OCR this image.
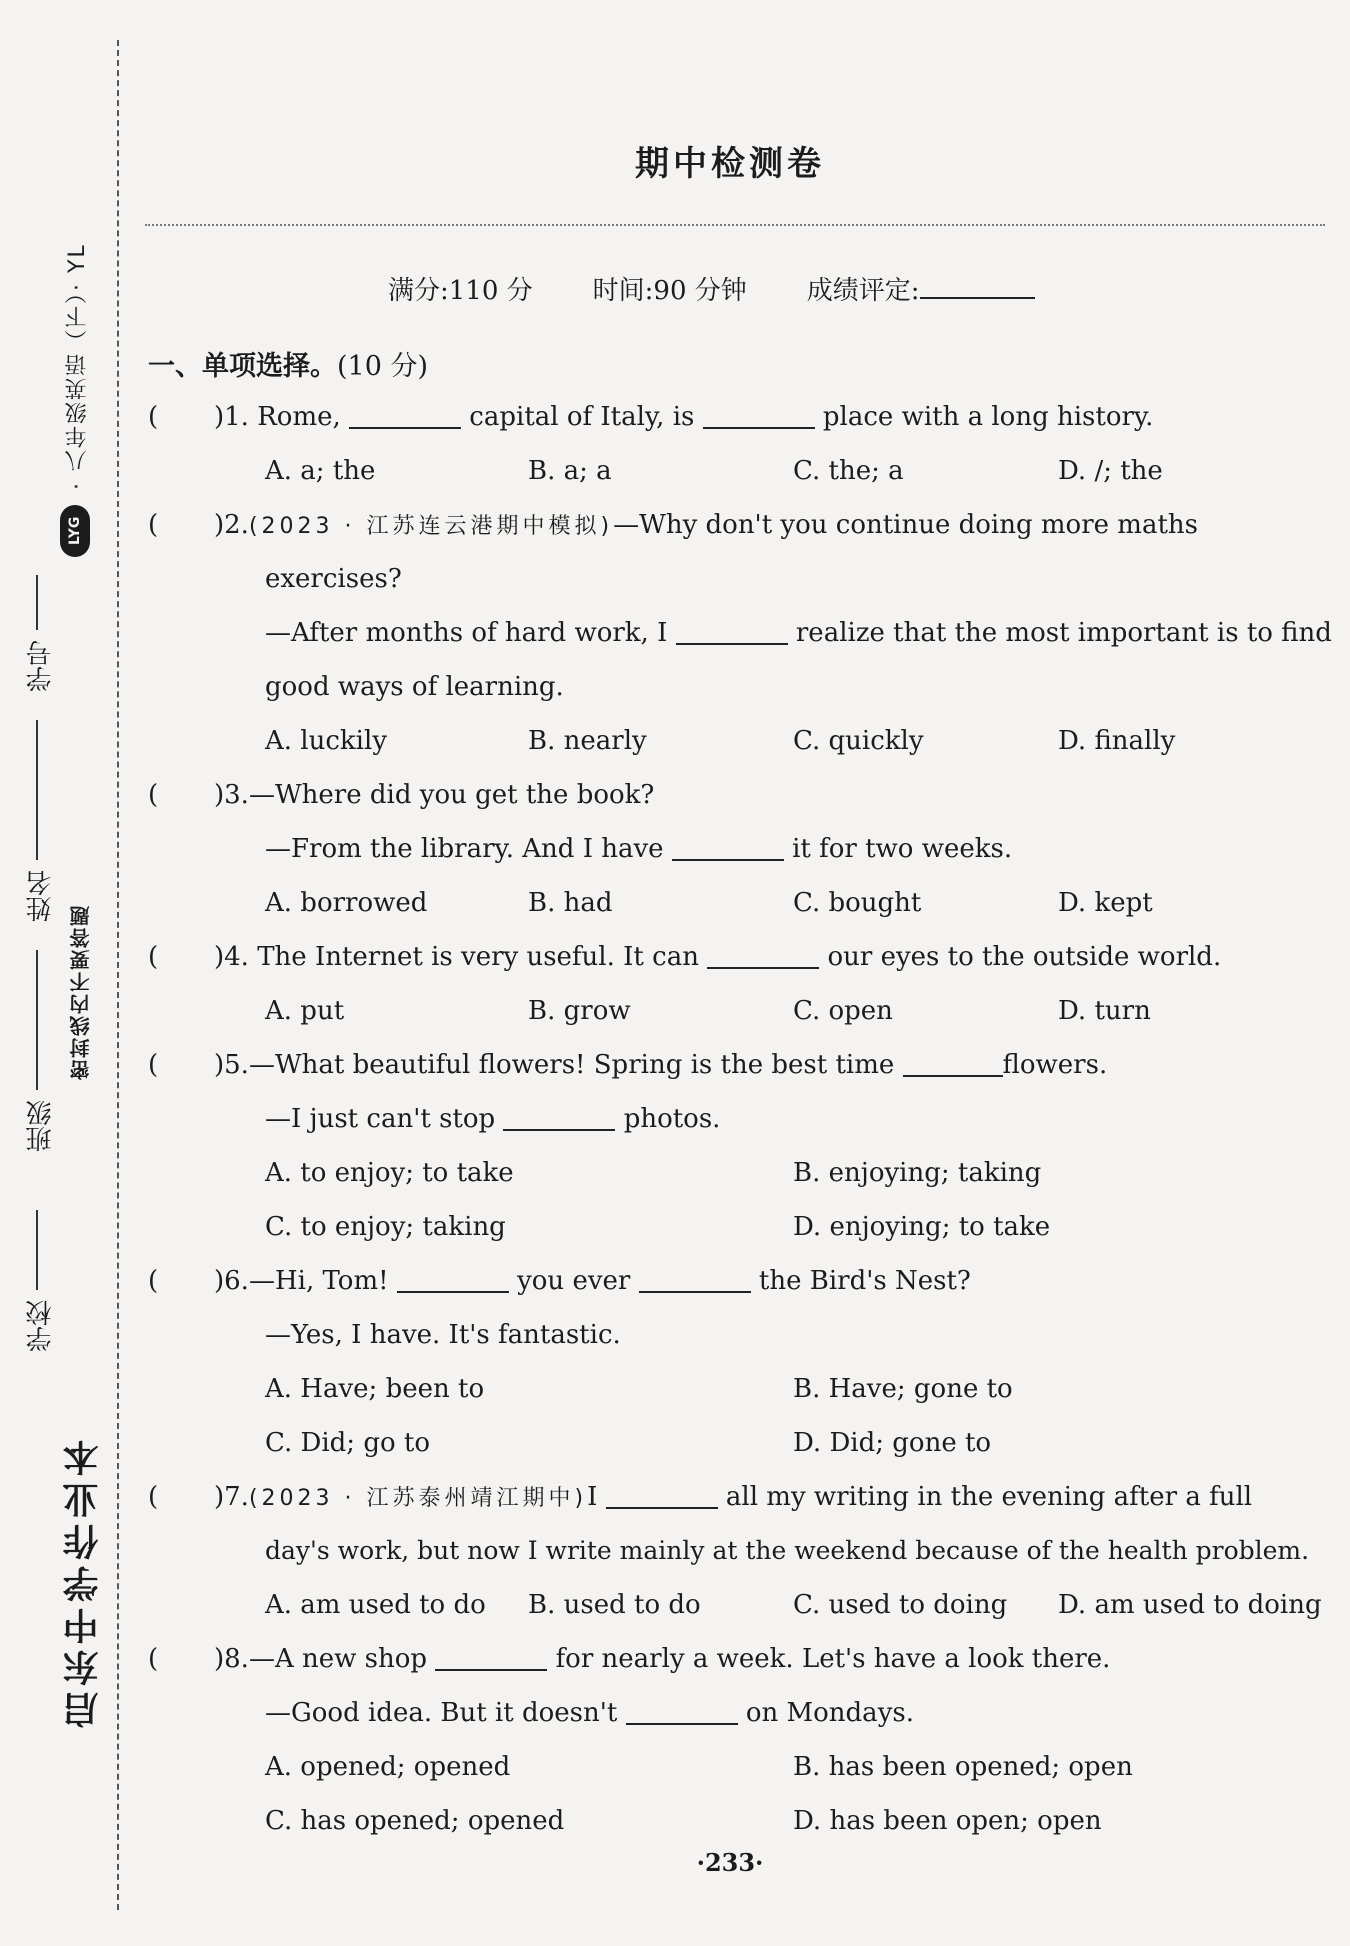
启东中学作业本
学校
班级
密封线内不要答题
姓名
学号
LYG
· 八年级英语（下）· YL
期中检测卷
满分:110 分 时间:90 分钟 成绩评定:
一、单项选择。(10 分)
( )1. Rome,	capital of Italy, is	place with a long history.
A. a; the	B. a; a	C. the; a	D. /; the
( )2.(2023 · 江苏连云港期中模拟)—Why don't you continue doing more maths
exercises?
—After months of hard work, I	realize that the most important is to find
good ways of learning.
A. luckily	B. nearly	C. quickly	D. finally
( )3.—Where did you get the book?
—From the library. And I have	it for two weeks.
A. borrowed	B. had	C. bought	D. kept
( )4. The Internet is very useful. It can	our eyes to the outside world.
A. put	B. grow	C. open	D. turn
( )5.—What beautiful flowers! Spring is the best time	flowers.
—I just can't stop	photos.
A. to enjoy; to take	B. enjoying; taking
C. to enjoy; taking	D. enjoying; to take
( )6.—Hi, Tom!	you ever	the Bird's Nest?
—Yes, I have. It's fantastic.
A. Have; been to	B. Have; gone to
C. Did; go to	D. Did; gone to
( )7.(2023 · 江苏泰州靖江期中)I	all my writing in the evening after a full
day's work, but now I write mainly at the weekend because of the health problem.
A. am used to do B. used to do	C. used to doing D. am used to doing
( )8.—A new shop	for nearly a week. Let's have a look there.
—Good idea. But it doesn't	on Mondays.
A. opened; opened	B. has been opened; open
C. has opened; opened	D. has been open; open
·233·
